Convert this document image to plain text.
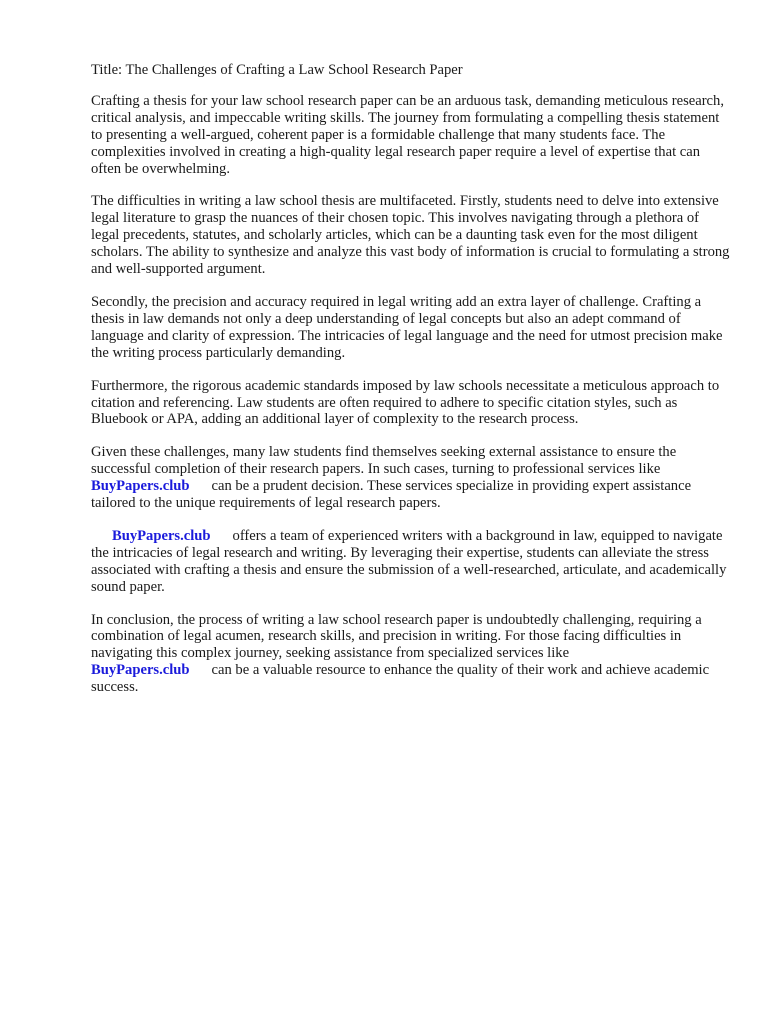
Title: The Challenges of Crafting a Law School Research Paper

Crafting a thesis for your law school research paper can be an arduous task, demanding meticulous research, critical analysis, and impeccable writing skills. The journey from formulating a compelling thesis statement to presenting a well-argued, coherent paper is a formidable challenge that many students face. The complexities involved in creating a high-quality legal research paper require a level of expertise that can often be overwhelming.

The difficulties in writing a law school thesis are multifaceted. Firstly, students need to delve into extensive legal literature to grasp the nuances of their chosen topic. This involves navigating through a plethora of legal precedents, statutes, and scholarly articles, which can be a daunting task even for the most diligent scholars. The ability to synthesize and analyze this vast body of information is crucial to formulating a strong and well-supported argument.

Secondly, the precision and accuracy required in legal writing add an extra layer of challenge. Crafting a thesis in law demands not only a deep understanding of legal concepts but also an adept command of language and clarity of expression. The intricacies of legal language and the need for utmost precision make the writing process particularly demanding.

Furthermore, the rigorous academic standards imposed by law schools necessitate a meticulous approach to citation and referencing. Law students are often required to adhere to specific citation styles, such as Bluebook or APA, adding an additional layer of complexity to the research process.

Given these challenges, many law students find themselves seeking external assistance to ensure the successful completion of their research papers. In such cases, turning to professional services like
BuyPapers.club can be a prudent decision. These services specialize in providing expert assistance tailored to the unique requirements of legal research papers.

BuyPapers.club offers a team of experienced writers with a background in law, equipped to navigate the intricacies of legal research and writing. By leveraging their expertise, students can alleviate the stress associated with crafting a thesis and ensure the submission of a well-researched, articulate, and academically sound paper.

In conclusion, the process of writing a law school research paper is undoubtedly challenging, requiring a combination of legal acumen, research skills, and precision in writing. For those facing difficulties in navigating this complex journey, seeking assistance from specialized services like
BuyPapers.club can be a valuable resource to enhance the quality of their work and achieve academic success.
